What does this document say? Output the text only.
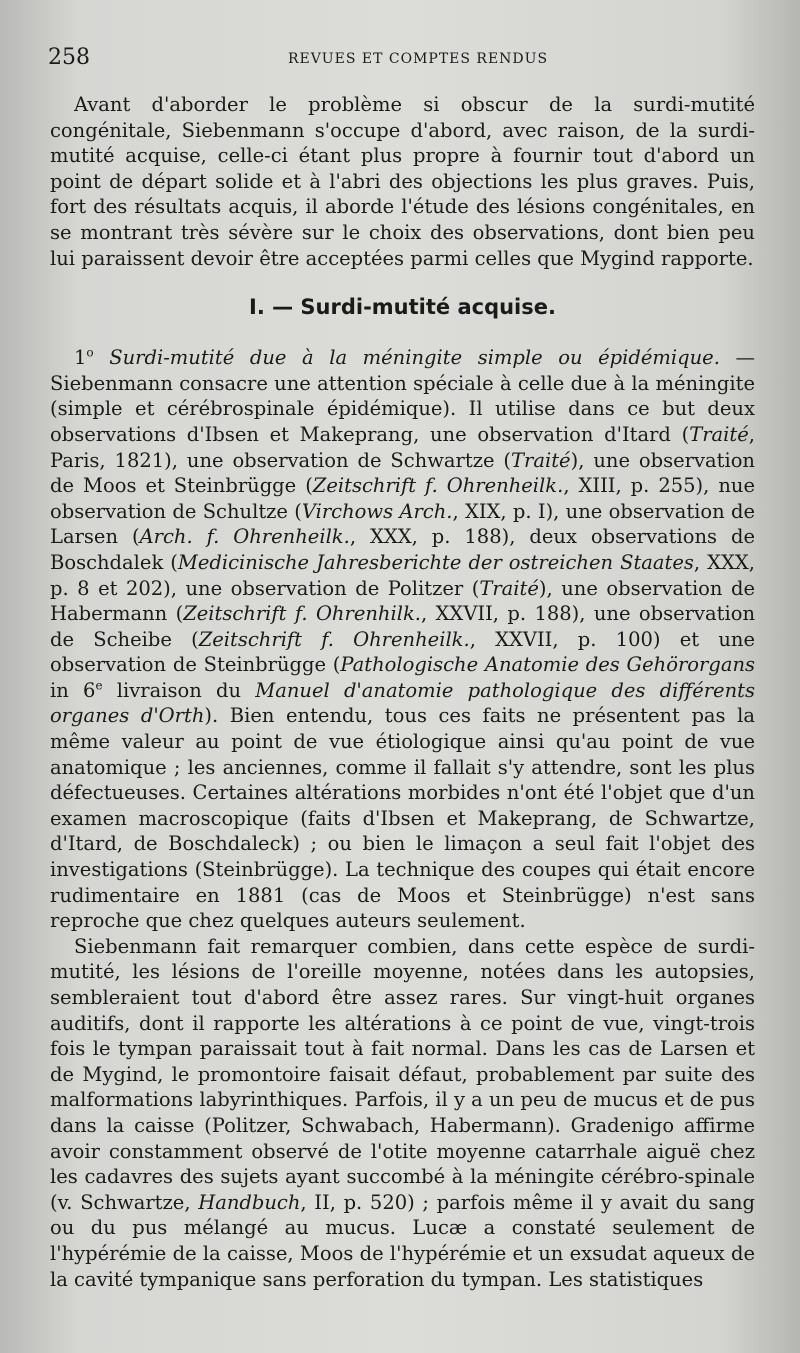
258	REVUES ET COMPTES RENDUS

Avant d'aborder le problème si obscur de la surdi-mutité congénitale, Siebenmann s'occupe d'abord, avec raison, de la surdi-mutité acquise, celle-ci étant plus propre à fournir tout d'abord un point de départ solide et à l'abri des objections les plus graves. Puis, fort des résultats acquis, il aborde l'étude des lésions congénitales, en se montrant très sévère sur le choix des observations, dont bien peu lui paraissent devoir être acceptées parmi celles que Mygind rapporte.

I. — Surdi-mutité acquise.

1$^o$ Surdi-mutité due à la méningite simple ou épidémique. — Siebenmann consacre une attention spéciale à celle due à la méningite (simple et cérébrospinale épidémique). Il utilise dans ce but deux observations d'Ibsen et Makeprang, une observation d'Itard (Traité, Paris, 1821), une observation de Schwartze (Traité), une observation de Moos et Steinbrügge (Zeitschrift f. Ohrenheilk., XIII, p. 255), nue observation de Schultze (Virchows Arch., XIX, p. I), une observation de Larsen (Arch. f. Ohrenheilk., XXX, p. 188), deux observations de Boschdalek (Medicinische Jahresberichte der ostreichen Staates, XXX, p. 8 et 202), une observation de Politzer (Traité), une observation de Habermann (Zeitschrift f. Ohrenhilk., XXVII, p. 188), une observation de Scheibe (Zeitschrift f. Ohrenheilk., XXVII, p. 100) et une observation de Steinbrügge (Pathologische Anatomie des Gehörorgans in 6e livraison du Manuel d'anatomie pathologique des différents organes d'Orth). Bien entendu, tous ces faits ne présentent pas la même valeur au point de vue étiologique ainsi qu'au point de vue anatomique ; les anciennes, comme il fallait s'y attendre, sont les plus défectueuses. Certaines altérations morbides n'ont été l'objet que d'un examen macroscopique (faits d'Ibsen et Makeprang, de Schwartze, d'Itard, de Boschdaleck) ; ou bien le limaçon a seul fait l'objet des investigations (Steinbrügge). La technique des coupes qui était encore rudimentaire en 1881 (cas de Moos et Steinbrügge) n'est sans reproche que chez quelques auteurs seulement.

Siebenmann fait remarquer combien, dans cette espèce de surdi-mutité, les lésions de l'oreille moyenne, notées dans les autopsies, sembleraient tout d'abord être assez rares. Sur vingt-huit organes auditifs, dont il rapporte les altérations à ce point de vue, vingt-trois fois le tympan paraissait tout à fait normal. Dans les cas de Larsen et de Mygind, le promontoire faisait défaut, probablement par suite des malformations labyrinthiques. Parfois, il y a un peu de mucus et de pus dans la caisse (Politzer, Schwabach, Habermann). Gradenigo affirme avoir constamment observé de l'otite moyenne catarrhale aiguë chez les cadavres des sujets ayant succombé à la méningite cérébro-spinale (v. Schwartze, Handbuch, II, p. 520) ; parfois même il y avait du sang ou du pus mélangé au mucus. Lucæ a constaté seulement de l'hypérémie de la caisse, Moos de l'hypérémie et un exsudat aqueux de la cavité tympanique sans perforation du tympan. Les statistiques
